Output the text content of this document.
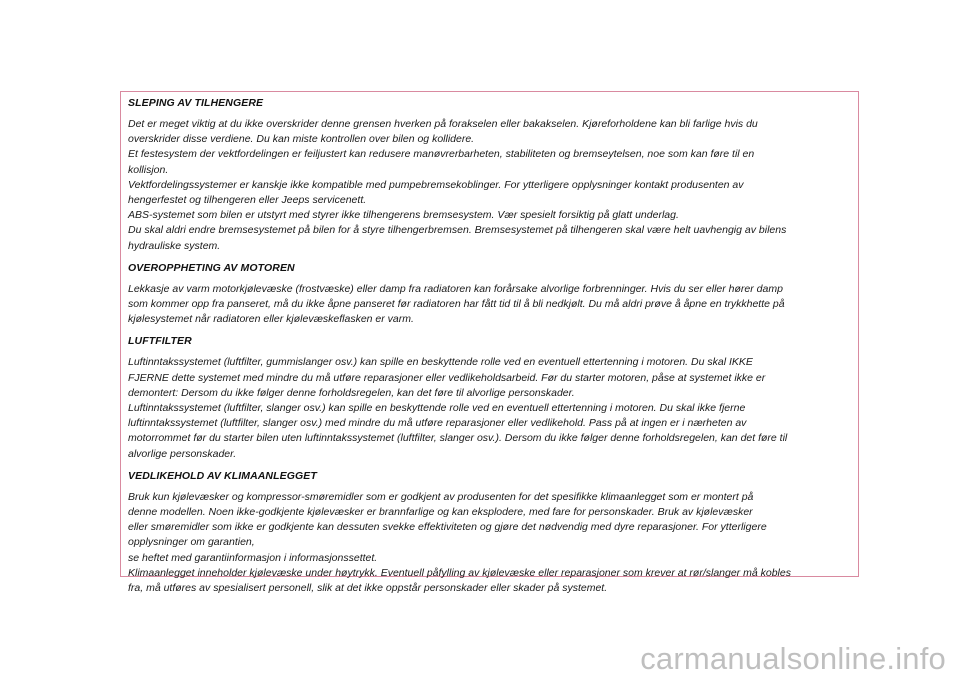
SLEPING AV TILHENGERE

Det er meget viktig at du ikke overskrider denne grensen hverken på forakselen eller bakakselen. Kjøreforholdene kan bli farlige hvis du
overskrider disse verdiene. Du kan miste kontrollen over bilen og kollidere.

Et festesystem der vektfordelingen er feiljustert kan redusere manøvrerbarheten, stabiliteten og bremseytelsen, noe som kan føre til en
kollisjon.

Vektfordelingssystemer er kanskje ikke kompatible med pumpebremsekoblinger. For ytterligere opplysninger kontakt produsenten av
hengerfestet og tilhengeren eller Jeeps servicenett.

ABS-systemet som bilen er utstyrt med styrer ikke tilhengerens bremsesystem. Vær spesielt forsiktig på glatt underlag.

Du skal aldri endre bremsesystemet på bilen for å styre tilhengerbremsen. Bremsesystemet på tilhengeren skal være helt uavhengig av bilens
hydrauliske system.

OVEROPPHETING AV MOTOREN

Lekkasje av varm motorkjølevæske (frostvæske) eller damp fra radiatoren kan forårsake alvorlige forbrenninger. Hvis du ser eller hører damp
som kommer opp fra panseret, må du ikke åpne panseret før radiatoren har fått tid til å bli nedkjølt. Du må aldri prøve å åpne en trykkhette på
kjølesystemet når radiatoren eller kjølevæskeflasken er varm.

LUFTFILTER

Luftinntakssystemet (luftfilter, gummislanger osv.) kan spille en beskyttende rolle ved en eventuell ettertenning i motoren. Du skal IKKE
FJERNE dette systemet med mindre du må utføre reparasjoner eller vedlikeholdsarbeid. Før du starter motoren, påse at systemet ikke er
demontert: Dersom du ikke følger denne forholdsregelen, kan det føre til alvorlige personskader.

Luftinntakssystemet (luftfilter, slanger osv.) kan spille en beskyttende rolle ved en eventuell ettertenning i motoren. Du skal ikke fjerne
luftinntakssystemet (luftfilter, slanger osv.) med mindre du må utføre reparasjoner eller vedlikehold. Pass på at ingen er i nærheten av
motorrommet før du starter bilen uten luftinntakssystemet (luftfilter, slanger osv.). Dersom du ikke følger denne forholdsregelen, kan det føre til
alvorlige personskader.

VEDLIKEHOLD AV KLIMAANLEGGET

Bruk kun kjølevæsker og kompressor-smøremidler som er godkjent av produsenten for det spesifikke klimaanlegget som er montert på
denne modellen. Noen ikke-godkjente kjølevæsker er brannfarlige og kan eksplodere, med fare for personskader. Bruk av kjølevæsker
eller smøremidler som ikke er godkjente kan dessuten svekke effektiviteten og gjøre det nødvendig med dyre reparasjoner. For ytterligere
opplysninger om garantien,
se heftet med garantiinformasjon i informasjonssettet.

Klimaanlegget inneholder kjølevæske under høytrykk. Eventuell påfylling av kjølevæske eller reparasjoner som krever at rør/slanger må kobles
fra, må utføres av spesialisert personell, slik at det ikke oppstår personskader eller skader på systemet.

carmanualsonline.info
